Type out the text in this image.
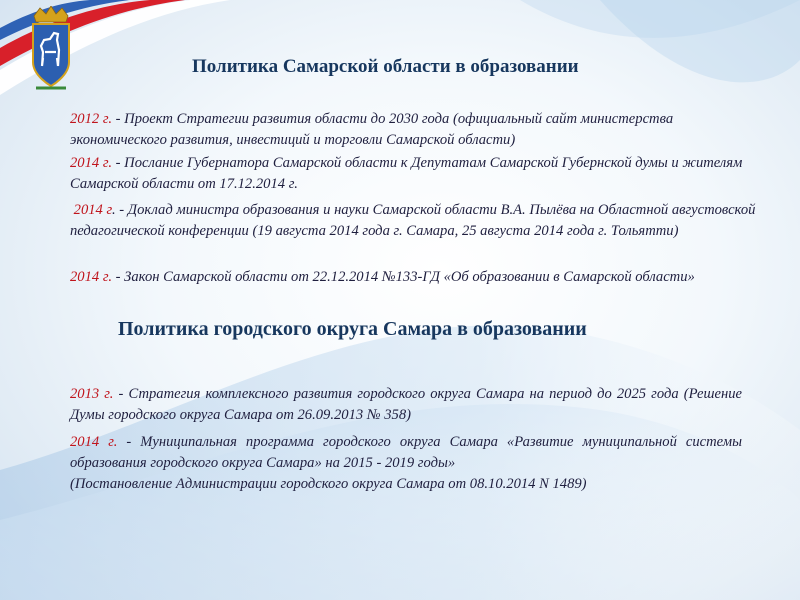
Политика Самарской области в образовании

2012 г. - Проект Стратегии развития области до 2030 года (официальный сайт министерства экономического развития, инвестиций и торговли Самарской области)

2014 г. - Послание Губернатора Самарской области к Депутатам Самарской Губернской думы и жителям Самарской области от 17.12.2014 г.

2014 г. - Доклад министра образования и науки Самарской области В.А. Пылёва на Областной августовской педагогической конференции (19 августа 2014 года г. Самара, 25 августа 2014 года г. Тольятти)

2014 г. - Закон Самарской области от 22.12.2014 №133-ГД «Об образовании в Самарской области»

Политика городского округа Самара в образовании

2013 г. - Стратегия комплексного развития городского округа Самара на период до 2025 года (Решение Думы городского округа Самара от 26.09.2013 № 358)

2014 г. - Муниципальная программа городского округа Самара «Развитие муниципальной системы образования городского округа Самара» на 2015 - 2019 годы»
(Постановление Администрации городского округа Самара от 08.10.2014 N 1489)
